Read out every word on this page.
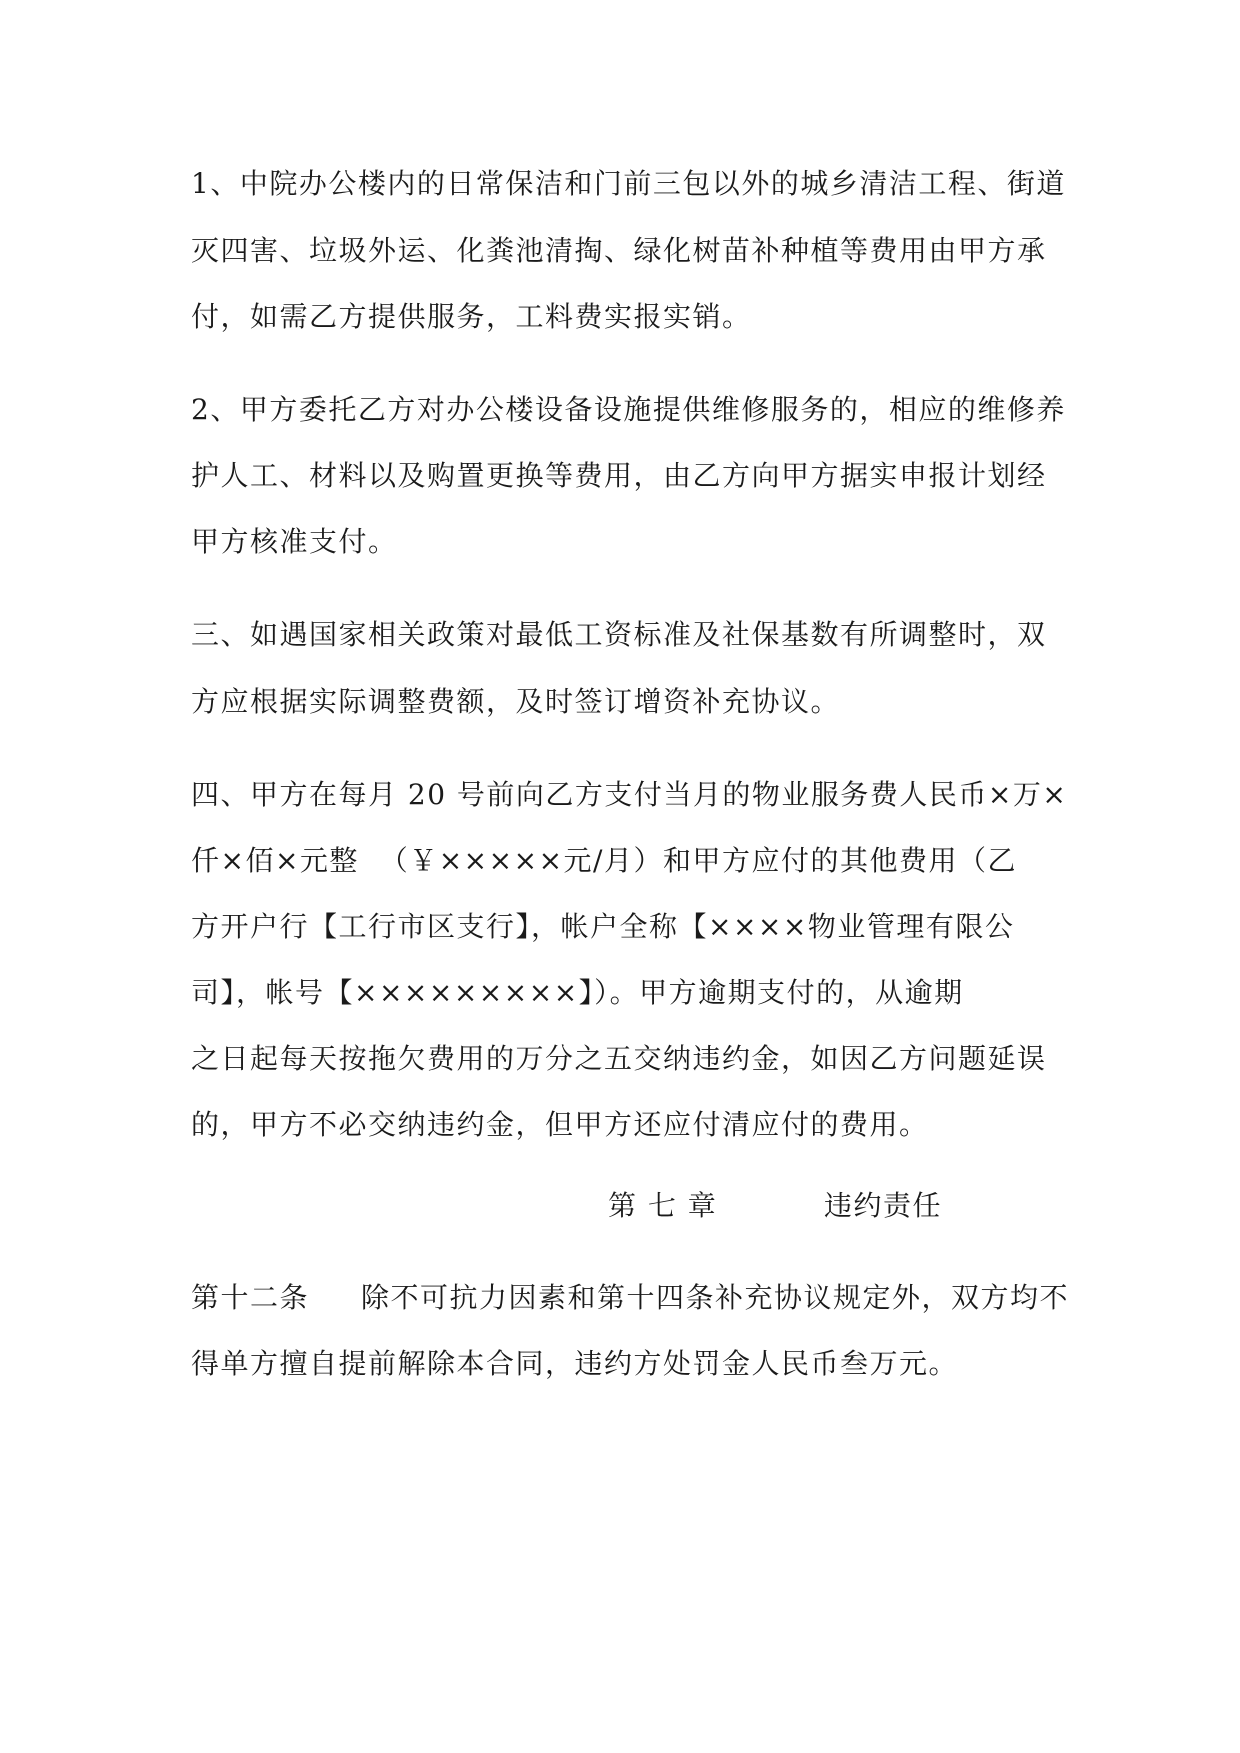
1、中院办公楼内的日常保洁和门前三包以外的城乡清洁工程、街道
灭四害、垃圾外运、化粪池清掏、绿化树苗补种植等费用由甲方承
付，如需乙方提供服务，工料费实报实销。
2、甲方委托乙方对办公楼设备设施提供维修服务的，相应的维修养
护人工、材料以及购置更换等费用，由乙方向甲方据实申报计划经
甲方核准支付。
三、如遇国家相关政策对最低工资标准及社保基数有所调整时，双
方应根据实际调整费额，及时签订增资补充协议。
四、甲方在每月 20 号前向乙方支付当月的物业服务费人民币×万×
仟×佰×元整  （￥×××××元/月）和甲方应付的其他费用（乙
方开户行【工行市区支行】，帐户全称【××××物业管理有限公
司】，帐号【×××××××××】）。甲方逾期支付的，从逾期
之日起每天按拖欠费用的万分之五交纳违约金，如因乙方问题延误
的，甲方不必交纳违约金，但甲方还应付清应付的费用。
第 七 章	违约责任
第十二条     除不可抗力因素和第十四条补充协议规定外，双方均不
得单方擅自提前解除本合同，违约方处罚金人民币叁万元。
